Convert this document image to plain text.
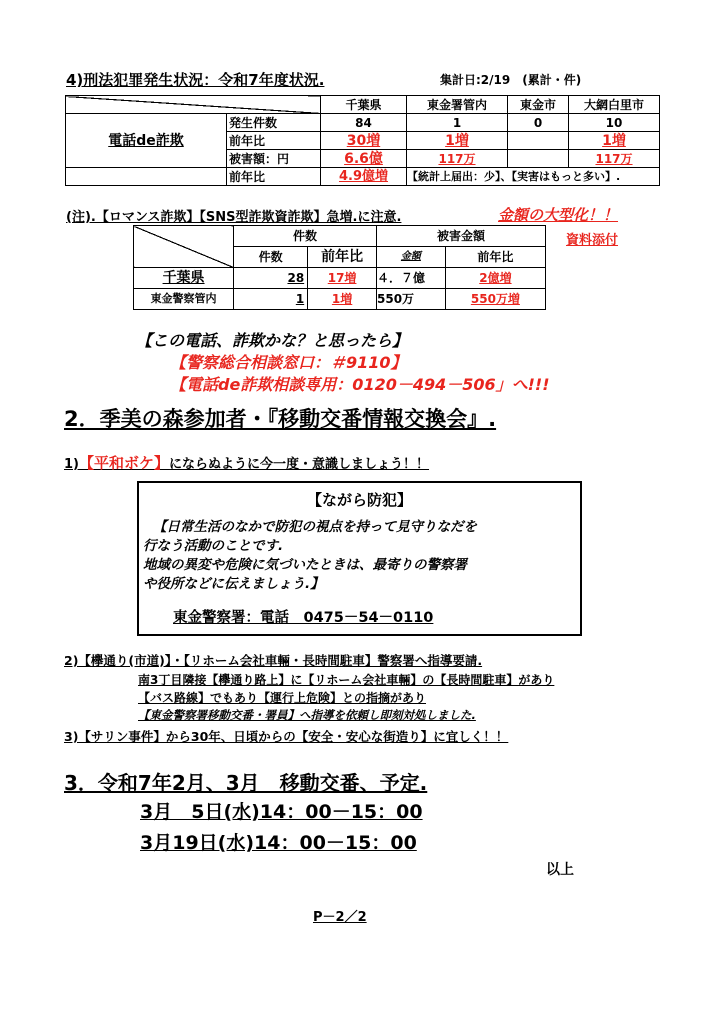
4)刑法犯罪発生状況：令和7年度状況.	集計日:2/19　(累計・件)
		千葉県	東金署管内	東金市	大網白里市
電話de詐欺	発生件数	84	1	0	10
	前年比	30増	1増		1増
	被害額：円	6.6億	117万		117万
	前年比	4.9億増	【統計上届出：少】、【実害はもっと多い】.		
(注).【ロマンス詐欺】【SNS型詐欺資詐欺】急増.に注意.	金額の大型化！！
資料添付
	件数		被害金額	
	件数	前年比	金額	前年比
千葉県	28	17増	４．７億	2億増
東金警察管内	1	1増	550万	550万増
【この電話、詐欺かな？と思ったら】
【警察総合相談窓口：＃9110】
【電話de詐欺相談専用：0120－494－506」へ!!!
2．季美の森参加者・『移動交番情報交換会』.
1)【平和ボケ】にならぬように今一度・意識しましょう！！
【ながら防犯】
【日常生活のなかで防犯の視点を持って見守りなだを
行なう活動のことです.
地域の異変や危険に気づいたときは、最寄りの警察署
や役所などに伝えましょう.】
東金警察署：電話　0475－54－0110
2)【欅通り(市道)】・【リホーム会社車輛・長時間駐車】警察署へ指導要請.
南3丁目隣接【欅通り路上】に【リホーム会社車輛】の【長時間駐車】があり
【バス路線】でもあり【運行上危険】との指摘があり
【東金警察署移動交番・署員】へ指導を依頼し即刻対処しました.
3)【サリン事件】から30年、日頃からの【安全・安心な街造り】に宜しく！！
3．令和7年2月、3月　移動交番、予定.
3月　5日(水)14：00－15：00
3月19日(水)14：00－15：00
以上
P－2／2
